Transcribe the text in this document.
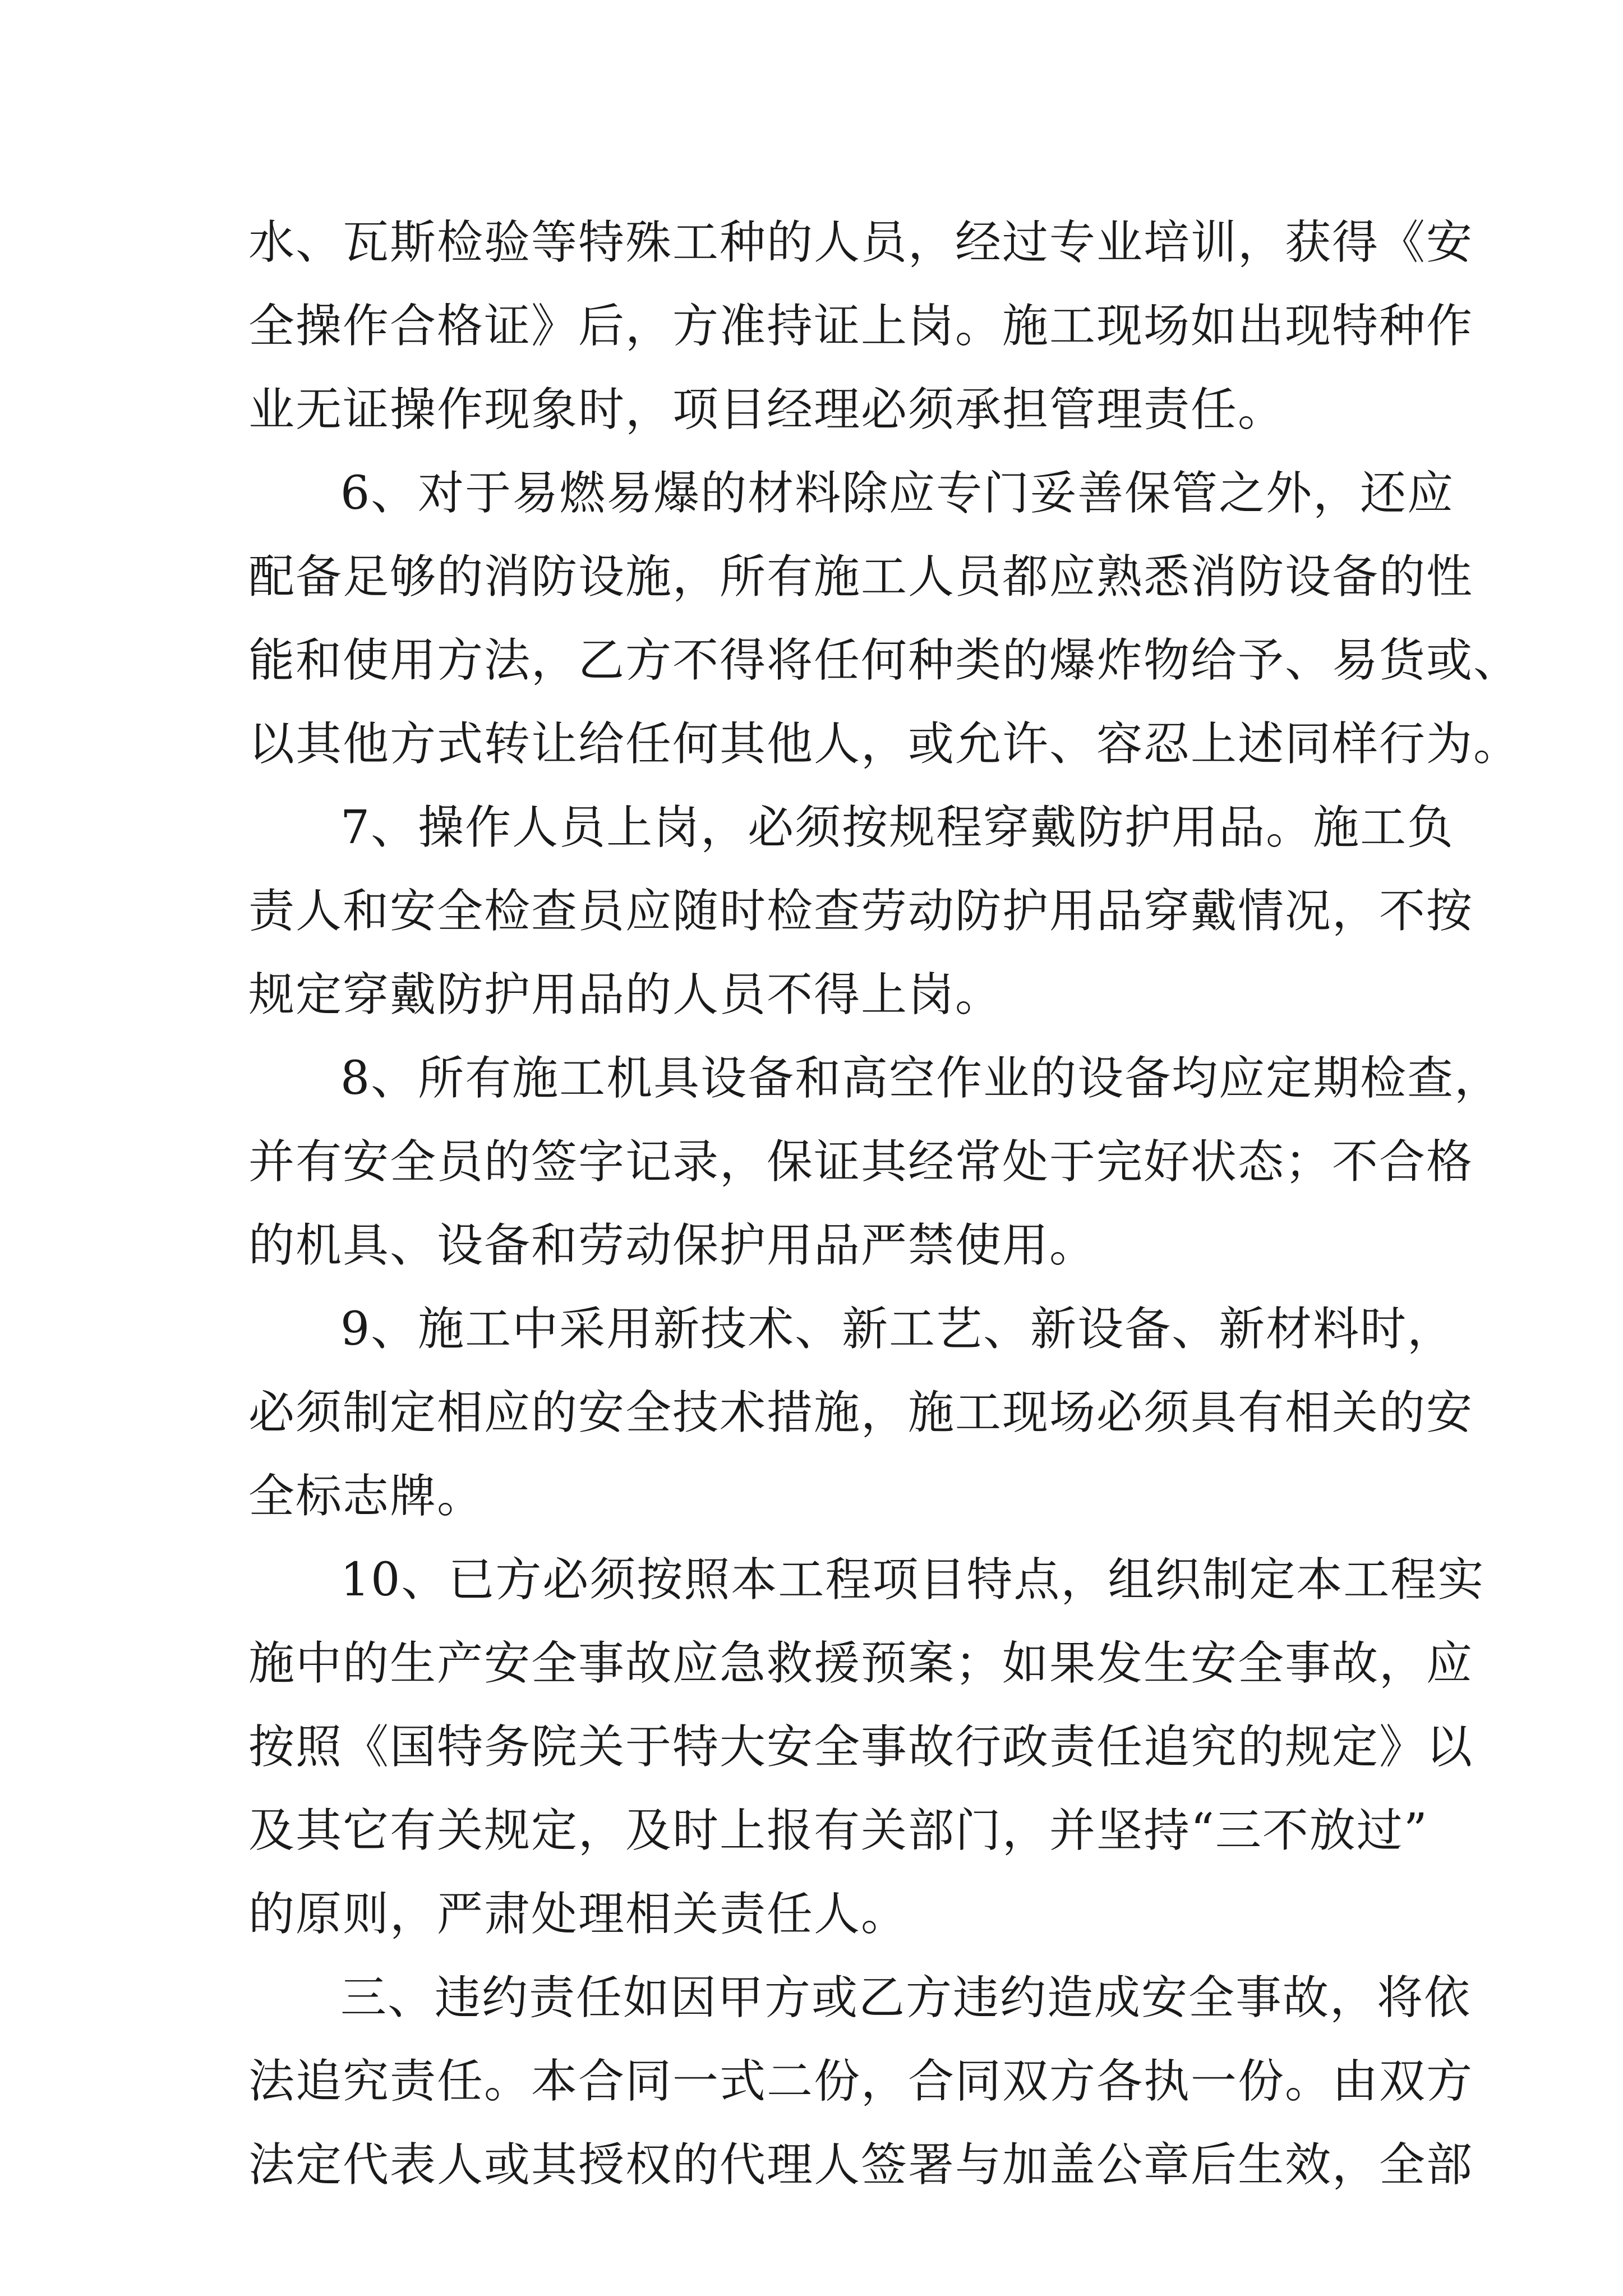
水、瓦斯检验等特殊工种的人员，经过专业培训，获得《安
全操作合格证》后，方准持证上岗。施工现场如出现特种作
业无证操作现象时，项目经理必须承担管理责任。
6、对于易燃易爆的材料除应专门妥善保管之外，还应
配备足够的消防设施，所有施工人员都应熟悉消防设备的性
能和使用方法，乙方不得将任何种类的爆炸物给予、易货或、
以其他方式转让给任何其他人，或允许、容忍上述同样行为。
7、操作人员上岗，必须按规程穿戴防护用品。施工负
责人和安全检查员应随时检查劳动防护用品穿戴情况，不按
规定穿戴防护用品的人员不得上岗。
8、所有施工机具设备和高空作业的设备均应定期检查，
并有安全员的签字记录，保证其经常处于完好状态；不合格
的机具、设备和劳动保护用品严禁使用。
9、施工中采用新技术、新工艺、新设备、新材料时，
必须制定相应的安全技术措施，施工现场必须具有相关的安
全标志牌。
10、已方必须按照本工程项目特点，组织制定本工程实
施中的生产安全事故应急救援预案；如果发生安全事故，应
按照《国特务院关于特大安全事故行政责任追究的规定》以
及其它有关规定，及时上报有关部门，并坚持“三不放过”
的原则，严肃处理相关责任人。
三、违约责任如因甲方或乙方违约造成安全事故，将依
法追究责任。本合同一式二份，合同双方各执一份。由双方
法定代表人或其授权的代理人签署与加盖公章后生效，全部
